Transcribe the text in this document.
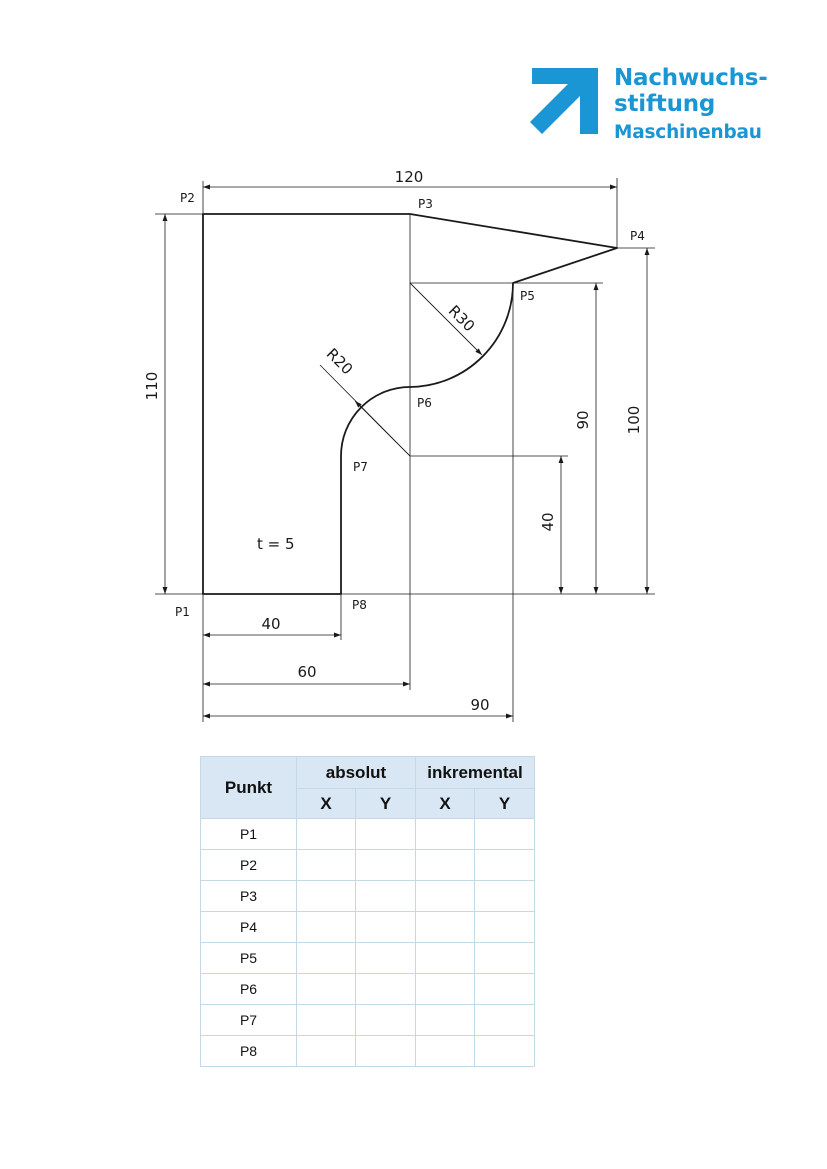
Nachwuchs-
stiftung
Maschinenbau
P2	P3
P4
P5
P6
P7
P1	P8
120
110
100
90
40
40
60
90
R30
R20
t = 5
Punkt	absolut		inkremental	
	X	Y	X	Y
P1				
P2				
P3				
P4				
P5				
P6				
P7				
P8				
